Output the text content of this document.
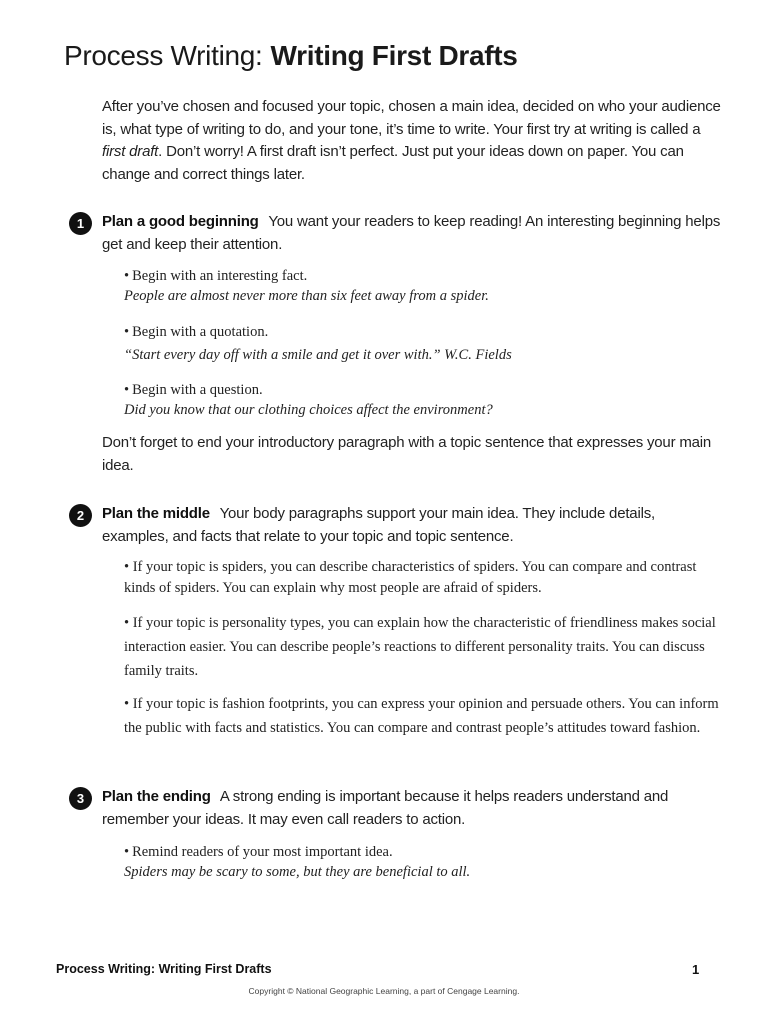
Process Writing: Writing First Drafts
After you’ve chosen and focused your topic, chosen a main idea, decided on who your audience is, what type of writing to do, and your tone, it’s time to write. Your first try at writing is called a first draft. Don’t worry! A first draft isn’t perfect. Just put your ideas down on paper. You can change and correct things later.
1	Plan a good beginning You want your readers to keep reading! An interesting beginning helps get and keep their attention.
• Begin with an interesting fact.
People are almost never more than six feet away from a spider.
• Begin with a quotation.
“Start every day off with a smile and get it over with.” W.C. Fields
• Begin with a question.
Did you know that our clothing choices affect the environment?
Don’t forget to end your introductory paragraph with a topic sentence that expresses your main idea.
2	Plan the middle Your body paragraphs support your main idea. They include details, examples, and facts that relate to your topic and topic sentence.
• If your topic is spiders, you can describe characteristics of spiders. You can compare and contrast kinds of spiders. You can explain why most people are afraid of spiders.
• If your topic is personality types, you can explain how the characteristic of friendliness makes social interaction easier. You can describe people’s reactions to different personality traits. You can discuss family traits.
• If your topic is fashion footprints, you can express your opinion and persuade others. You can inform the public with facts and statistics. You can compare and contrast people’s attitudes toward fashion.
3	Plan the ending A strong ending is important because it helps readers understand and remember your ideas. It may even call readers to action.
• Remind readers of your most important idea.
Spiders may be scary to some, but they are beneficial to all.
Process Writing: Writing First Drafts	1
Copyright © National Geographic Learning, a part of Cengage Learning.
